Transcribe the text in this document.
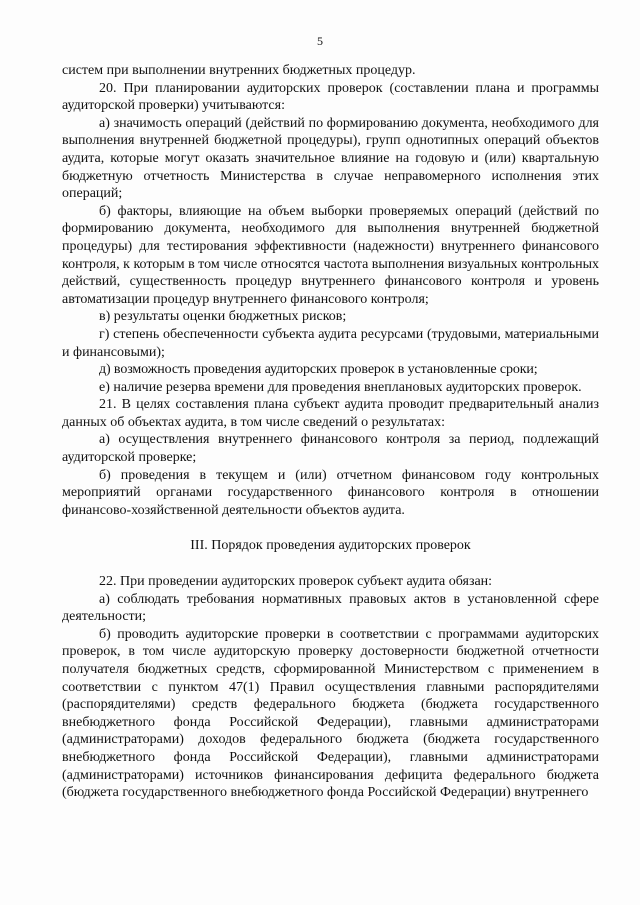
5

систем при выполнении внутренних бюджетных процедур.

20. При планировании аудиторских проверок (составлении плана и программы аудиторской проверки) учитываются:

а) значимость операций (действий по формированию документа, необходимого для выполнения внутренней бюджетной процедуры), групп однотипных операций объектов аудита, которые могут оказать значительное влияние на годовую и (или) квартальную бюджетную отчетность Министерства в случае неправомерного исполнения этих операций;

б) факторы, влияющие на объем выборки проверяемых операций (действий по формированию документа, необходимого для выполнения внутренней бюджетной процедуры) для тестирования эффективности (надежности) внутреннего финансового контроля, к которым в том числе относятся частота выполнения визуальных контрольных действий, существенность процедур внутреннего финансового контроля и уровень автоматизации процедур внутреннего финансового контроля;

в) результаты оценки бюджетных рисков;

г) степень обеспеченности субъекта аудита ресурсами (трудовыми, материальными и финансовыми);

д) возможность проведения аудиторских проверок в установленные сроки;

е) наличие резерва времени для проведения внеплановых аудиторских проверок.

21. В целях составления плана субъект аудита проводит предварительный анализ данных об объектах аудита, в том числе сведений о результатах:

а) осуществления внутреннего финансового контроля за период, подлежащий аудиторской проверке;

б) проведения в текущем и (или) отчетном финансовом году контрольных мероприятий органами государственного финансового контроля в отношении финансово-хозяйственной деятельности объектов аудита.

III. Порядок проведения аудиторских проверок

22. При проведении аудиторских проверок субъект аудита обязан:

а) соблюдать требования нормативных правовых актов в установленной сфере деятельности;

б) проводить аудиторские проверки в соответствии с программами аудиторских проверок, в том числе аудиторскую проверку достоверности бюджетной отчетности получателя бюджетных средств, сформированной Министерством с применением в соответствии с пунктом 47(1) Правил осуществления главными распорядителями (распорядителями) средств федерального бюджета (бюджета государственного внебюджетного фонда Российской Федерации), главными администраторами (администраторами) доходов федерального бюджета (бюджета государственного внебюджетного фонда Российской Федерации), главными администраторами (администраторами) источников финансирования дефицита федерального бюджета (бюджета государственного внебюджетного фонда Российской Федерации) внутреннего
